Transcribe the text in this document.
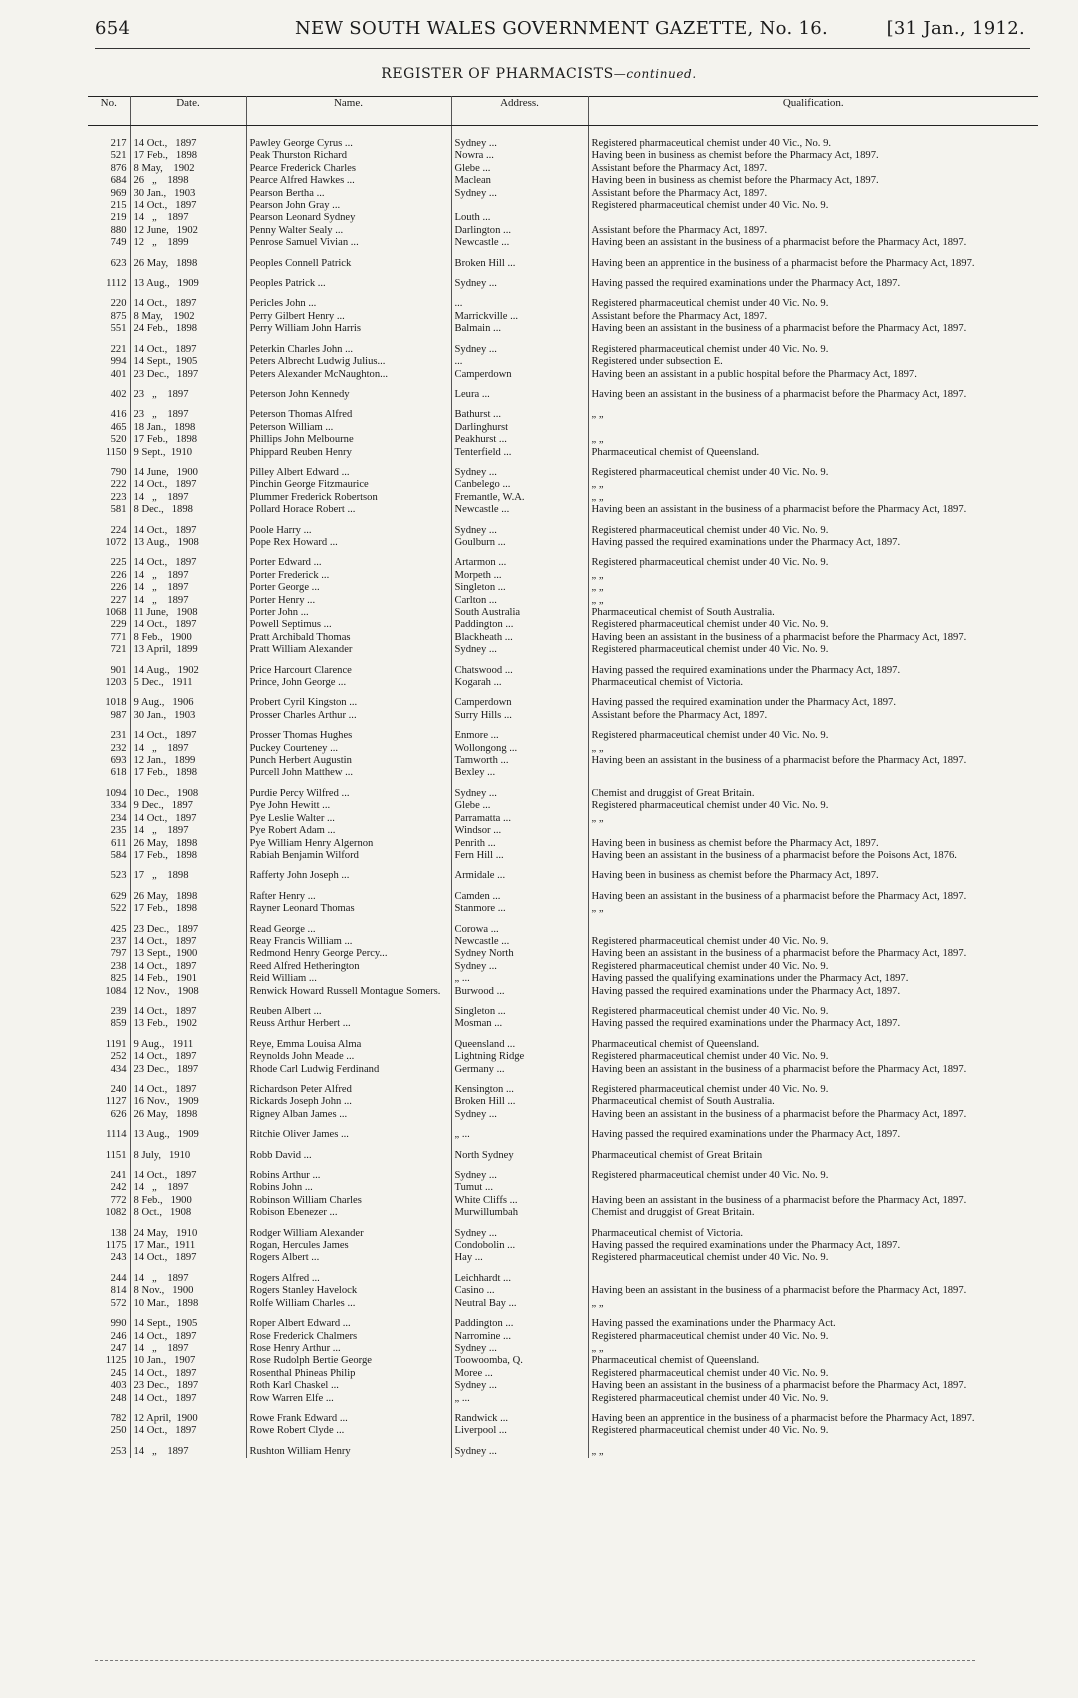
654	NEW SOUTH WALES GOVERNMENT GAZETTE, No. 16.	[31 Jan., 1912.
REGISTER OF PHARMACISTS—continued.
No.	Date.	Name.	Address.	Qualification.
217	14 Oct.,   1897	Pawley George Cyrus ...	Sydney ...	Registered pharmaceutical chemist under 40 Vic., No. 9.
521	17 Feb.,   1898	Peak Thurston Richard	Nowra ...	Having been in business as chemist before the Pharmacy Act, 1897.
876	8 May,    1902	Pearce Frederick Charles	Glebe ...	Assistant before the Pharmacy Act, 1897.
684	26   „    1898	Pearce Alfred Hawkes ...	Maclean	Having been in business as chemist before the Pharmacy Act, 1897.
969	30 Jan.,   1903	Pearson Bertha ...	Sydney ...	Assistant before the Pharmacy Act, 1897.
215	14 Oct.,   1897	Pearson John Gray ...		Registered pharmaceutical chemist under 40 Vic. No. 9.
219	14   „    1897	Pearson Leonard Sydney	Louth ...	
880	12 June,   1902	Penny Walter Sealy ...	Darlington ...	Assistant before the Pharmacy Act, 1897.
749	12   „    1899	Penrose Samuel Vivian ...	Newcastle ...	Having been an assistant in the business of a pharmacist before the Pharmacy Act, 1897.
623	26 May,   1898	Peoples Connell Patrick	Broken Hill ...	Having been an apprentice in the business of a pharmacist before the Pharmacy Act, 1897.
1112	13 Aug.,   1909	Peoples Patrick ...	Sydney ...	Having passed the required examinations under the Pharmacy Act, 1897.
220	14 Oct.,   1897	Pericles John ...	...	Registered pharmaceutical chemist under 40 Vic. No. 9.
875	8 May,    1902	Perry Gilbert Henry ...	Marrickville ...	Assistant before the Pharmacy Act, 1897.
551	24 Feb.,   1898	Perry William John Harris	Balmain ...	Having been an assistant in the business of a pharmacist before the Pharmacy Act, 1897.
221	14 Oct.,   1897	Peterkin Charles John ...	Sydney ...	Registered pharmaceutical chemist under 40 Vic. No. 9.
994	14 Sept.,  1905	Peters Albrecht Ludwig Julius...	...	Registered under subsection E.
401	23 Dec.,   1897	Peters Alexander McNaughton...	Camperdown	Having been an assistant in a public hospital before the Pharmacy Act, 1897.
402	23   „    1897	Peterson John Kennedy	Leura ...	Having been an assistant in the business of a pharmacist before the Pharmacy Act, 1897.
416	23   „    1897	Peterson Thomas Alfred	Bathurst ...	„ „
465	18 Jan.,   1898	Peterson William ...	Darlinghurst	
520	17 Feb.,   1898	Phillips John Melbourne	Peakhurst ...	„ „
1150	9 Sept.,  1910	Phippard Reuben Henry	Tenterfield ...	Pharmaceutical chemist of Queensland.
790	14 June,   1900	Pilley Albert Edward ...	Sydney ...	Registered pharmaceutical chemist under 40 Vic. No. 9.
222	14 Oct.,   1897	Pinchin George Fitzmaurice	Canbelego ...	„ „
223	14   „    1897	Plummer Frederick Robertson	Fremantle, W.A.	„ „
581	8 Dec.,   1898	Pollard Horace Robert ...	Newcastle ...	Having been an assistant in the business of a pharmacist before the Pharmacy Act, 1897.
224	14 Oct.,   1897	Poole Harry ...	Sydney ...	Registered pharmaceutical chemist under 40 Vic. No. 9.
1072	13 Aug.,   1908	Pope Rex Howard ...	Goulburn ...	Having passed the required examinations under the Pharmacy Act, 1897.
225	14 Oct.,   1897	Porter Edward ...	Artarmon ...	Registered pharmaceutical chemist under 40 Vic. No. 9.
226	14   „    1897	Porter Frederick ...	Morpeth ...	„ „
226	14   „    1897	Porter George ...	Singleton ...	„ „
227	14   „    1897	Porter Henry ...	Carlton ...	„ „
1068	11 June,   1908	Porter John ...	South Australia	Pharmaceutical chemist of South Australia.
229	14 Oct.,   1897	Powell Septimus ...	Paddington ...	Registered pharmaceutical chemist under 40 Vic. No. 9.
771	8 Feb.,   1900	Pratt Archibald Thomas	Blackheath ...	Having been an assistant in the business of a pharmacist before the Pharmacy Act, 1897.
721	13 April,  1899	Pratt William Alexander	Sydney ...	Registered pharmaceutical chemist under 40 Vic. No. 9.
901	14 Aug.,   1902	Price Harcourt Clarence	Chatswood ...	Having passed the required examinations under the Pharmacy Act, 1897.
1203	5 Dec.,   1911	Prince, John George ...	Kogarah ...	Pharmaceutical chemist of Victoria.
1018	9 Aug.,   1906	Probert Cyril Kingston ...	Camperdown	Having passed the required examination under the Pharmacy Act, 1897.
987	30 Jan.,   1903	Prosser Charles Arthur ...	Surry Hills ...	Assistant before the Pharmacy Act, 1897.
231	14 Oct.,   1897	Prosser Thomas Hughes	Enmore ...	Registered pharmaceutical chemist under 40 Vic. No. 9.
232	14   „    1897	Puckey Courteney ...	Wollongong ...	„ „
693	12 Jan.,   1899	Punch Herbert Augustin	Tamworth ...	Having been an assistant in the business of a pharmacist before the Pharmacy Act, 1897.
618	17 Feb.,   1898	Purcell John Matthew ...	Bexley ...	
1094	10 Dec.,   1908	Purdie Percy Wilfred ...	Sydney ...	Chemist and druggist of Great Britain.
334	9 Dec.,   1897	Pye John Hewitt ...	Glebe ...	Registered pharmaceutical chemist under 40 Vic. No. 9.
234	14 Oct.,   1897	Pye Leslie Walter ...	Parramatta ...	„ „
235	14   „    1897	Pye Robert Adam ...	Windsor ...	
611	26 May,   1898	Pye William Henry Algernon	Penrith ...	Having been in business as chemist before the Pharmacy Act, 1897.
584	17 Feb.,   1898	Rabiah Benjamin Wilford	Fern Hill ...	Having been an assistant in the business of a pharmacist before the Poisons Act, 1876.
523	17   „    1898	Rafferty John Joseph ...	Armidale ...	Having been in business as chemist before the Pharmacy Act, 1897.
629	26 May,   1898	Rafter Henry ...	Camden ...	Having been an assistant in the business of a pharmacist before the Pharmacy Act, 1897.
522	17 Feb.,   1898	Rayner Leonard Thomas	Stanmore ...	„ „
425	23 Dec.,   1897	Read George ...	Corowa ...	
237	14 Oct.,   1897	Reay Francis William ...	Newcastle ...	Registered pharmaceutical chemist under 40 Vic. No. 9.
797	13 Sept.,  1900	Redmond Henry George Percy...	Sydney North	Having been an assistant in the business of a pharmacist before the Pharmacy Act, 1897.
238	14 Oct.,   1897	Reed Alfred Hetherington	Sydney ...	Registered pharmaceutical chemist under 40 Vic. No. 9.
825	14 Feb.,   1901	Reid William ...	„ ...	Having passed the qualifying examinations under the Pharmacy Act, 1897.
1084	12 Nov.,   1908	Renwick Howard Russell Montague Somers.	Burwood ...	Having passed the required examinations under the Pharmacy Act, 1897.
239	14 Oct.,   1897	Reuben Albert ...	Singleton ...	Registered pharmaceutical chemist under 40 Vic. No. 9.
859	13 Feb.,   1902	Reuss Arthur Herbert ...	Mosman ...	Having passed the required examinations under the Pharmacy Act, 1897.
1191	9 Aug.,   1911	Reye, Emma Louisa Alma	Queensland ...	Pharmaceutical chemist of Queensland.
252	14 Oct.,   1897	Reynolds John Meade ...	Lightning Ridge	Registered pharmaceutical chemist under 40 Vic. No. 9.
434	23 Dec.,   1897	Rhode Carl Ludwig Ferdinand	Germany ...	Having been an assistant in the business of a pharmacist before the Pharmacy Act, 1897.
240	14 Oct.,   1897	Richardson Peter Alfred	Kensington ...	Registered pharmaceutical chemist under 40 Vic. No. 9.
1127	16 Nov.,   1909	Rickards Joseph John ...	Broken Hill ...	Pharmaceutical chemist of South Australia.
626	26 May,   1898	Rigney Alban James ...	Sydney ...	Having been an assistant in the business of a pharmacist before the Pharmacy Act, 1897.
1114	13 Aug.,   1909	Ritchie Oliver James ...	„ ...	Having passed the required examinations under the Pharmacy Act, 1897.
1151	8 July,   1910	Robb David ...	North Sydney	Pharmaceutical chemist of Great Britain
241	14 Oct.,   1897	Robins Arthur ...	Sydney ...	Registered pharmaceutical chemist under 40 Vic. No. 9.
242	14   „    1897	Robins John ...	Tumut ...	
772	8 Feb.,   1900	Robinson William Charles	White Cliffs ...	Having been an assistant in the business of a pharmacist before the Pharmacy Act, 1897.
1082	8 Oct.,   1908	Robison Ebenezer ...	Murwillumbah	Chemist and druggist of Great Britain.
138	24 May,   1910	Rodger William Alexander	Sydney ...	Pharmaceutical chemist of Victoria.
1175	17 Mar.,  1911	Rogan, Hercules James	Condobolin ...	Having passed the required examinations under the Pharmacy Act, 1897.
243	14 Oct.,   1897	Rogers Albert ...	Hay ...	Registered pharmaceutical chemist under 40 Vic. No. 9.
244	14   „    1897	Rogers Alfred ...	Leichhardt ...	
814	8 Nov.,   1900	Rogers Stanley Havelock	Casino ...	Having been an assistant in the business of a pharmacist before the Pharmacy Act, 1897.
572	10 Mar.,   1898	Rolfe William Charles ...	Neutral Bay ...	„ „
990	14 Sept.,  1905	Roper Albert Edward ...	Paddington ...	Having passed the examinations under the Pharmacy Act.
246	14 Oct.,   1897	Rose Frederick Chalmers	Narromine ...	Registered pharmaceutical chemist under 40 Vic. No. 9.
247	14   „    1897	Rose Henry Arthur ...	Sydney ...	„ „
1125	10 Jan.,   1907	Rose Rudolph Bertie George	Toowoomba, Q.	Pharmaceutical chemist of Queensland.
245	14 Oct.,   1897	Rosenthal Phineas Philip	Moree ...	Registered pharmaceutical chemist under 40 Vic. No. 9.
403	23 Dec.,   1897	Roth Karl Chaskel ...	Sydney ...	Having been an assistant in the business of a pharmacist before the Pharmacy Act, 1897.
248	14 Oct.,   1897	Row Warren Elfe ...	„ ...	Registered pharmaceutical chemist under 40 Vic. No. 9.
782	12 April,  1900	Rowe Frank Edward ...	Randwick ...	Having been an apprentice in the business of a pharmacist before the Pharmacy Act, 1897.
250	14 Oct.,   1897	Rowe Robert Clyde ...	Liverpool ...	Registered pharmaceutical chemist under 40 Vic. No. 9.
253	14   „    1897	Rushton William Henry	Sydney ...	„ „
